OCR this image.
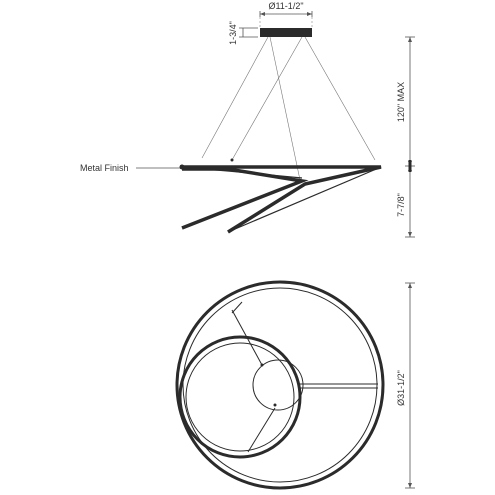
Ø11-1/2"
1-3/4"
Metal Finish
120" MAX
7-7/8"
Ø31-1/2"
